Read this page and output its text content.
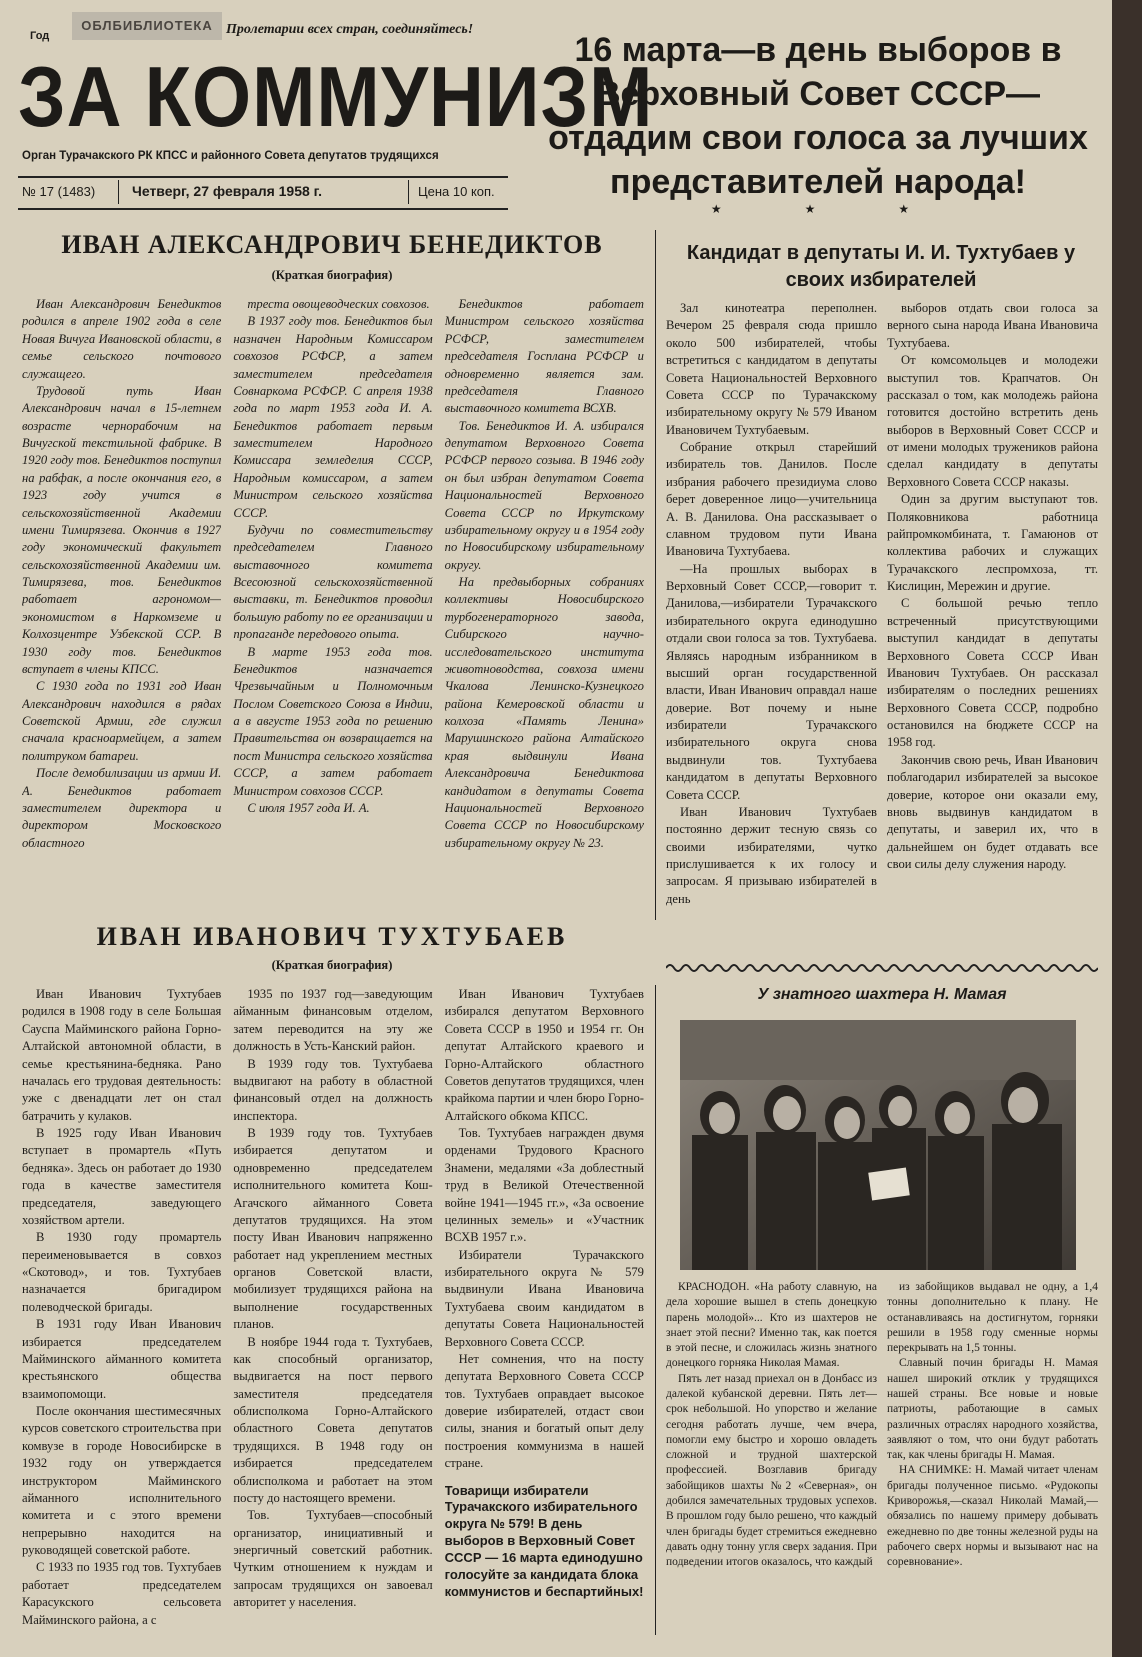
Год
ОБЛБИБЛИОТЕКА Пролетарии всех стран, соединяйтесь!
ЗА КОММУНИЗМ
Орган Турачакского РК КПСС и районного Совета депутатов трудящихся
№ 17 (1483)	Четверг, 27 февраля 1958 г.	Цена 10 коп.
16 марта—в день выборов в Верховный Совет СССР—отдадим свои голоса за лучших представителей народа!
★ ★ ★
ИВАН АЛЕКСАНДРОВИЧ БЕНЕДИКТОВ
(Краткая биография)

Иван Александрович Бенедиктов родился в апреле 1902 года в селе Новая Вичуга Ивановской области, в семье сельского почтового служащего.

Трудовой путь Иван Александрович начал в 15-летнем возрасте чернорабочим на Вичугской текстильной фабрике. В 1920 году тов. Бенедиктов поступил на рабфак, а после окончания его, в 1923 году учится в сельскохозяйственной Академии имени Тимирязева. Окончив в 1927 году экономический факультет сельскохозяйственной Академии им. Тимирязева, тов. Бенедиктов работает агрономом—экономистом в Наркомземе и Колхозцентре Узбекской ССР. В 1930 году тов. Бенедиктов вступает в члены КПСС.

С 1930 года по 1931 год Иван Александрович находился в рядах Советской Армии, где служил сначала красноармейцем, а затем политруком батареи.

После демобилизации из армии И. А. Бенедиктов работает заместителем директора и директором Московского областного

треста овощеводческих совхозов.

В 1937 году тов. Бенедиктов был назначен Народным Комиссаром совхозов РСФСР, а затем заместителем председателя Совнаркома РСФСР. С апреля 1938 года по март 1953 года И. А. Бенедиктов работает первым заместителем Народного Комиссара земледелия СССР, Народным комиссаром, а затем Министром сельского хозяйства СССР.

Будучи по совместительству председателем Главного выставочного комитета Всесоюзной сельскохозяйственной выставки, т. Бенедиктов проводил большую работу по ее организации и пропаганде передового опыта.

В марте 1953 года тов. Бенедиктов назначается Чрезвычайным и Полномочным Послом Советского Союза в Индии, а в августе 1953 года по решению Правительства он возвращается на пост Министра сельского хозяйства СССР, а затем работает Министром совхозов СССР.

С июля 1957 года И. А.

Бенедиктов работает Министром сельского хозяйства РСФСР, заместителем председателя Госплана РСФСР и одновременно является зам. председателя Главного выставочного комитета ВСХВ.

Тов. Бенедиктов И. А. избирался депутатом Верховного Совета РСФСР первого созыва. В 1946 году он был избран депутатом Совета Национальностей Верховного Совета СССР по Иркутскому избирательному округу и в 1954 году по Новосибирскому избирательному округу.

На предвыборных собраниях коллективы Новосибирского турбогенераторного завода, Сибирского научно-исследовательского института животноводства, совхоза имени Чкалова Ленинско-Кузнецкого района Кемеровской области и колхоза «Память Ленина» Марушинского района Алтайского края выдвинули Ивана Александровича Бенедиктова кандидатом в депутаты Совета Национальностей Верховного Совета СССР по Новосибирскому избирательному округу № 23.

Кандидат в депутаты И. И. Тухтубаев у своих избирателей

Зал кинотеатра переполнен. Вечером 25 февраля сюда пришло около 500 избирателей, чтобы встретиться с кандидатом в депутаты Совета Национальностей Верховного Совета СССР по Турачакскому избирательному округу № 579 Иваном Ивановичем Тухтубаевым.

Собрание открыл старейший избиратель тов. Данилов. После избрания рабочего президиума слово берет доверенное лицо—учительница А. В. Данилова. Она рассказывает о славном трудовом пути Ивана Ивановича Тухтубаева.

—На прошлых выборах в Верховный Совет СССР,—говорит т. Данилова,—избиратели Турачакского избирательного округа единодушно отдали свои голоса за тов. Тухтубаева. Являясь народным избранником в высший орган государственной власти, Иван Иванович оправдал наше доверие. Вот почему и ныне избиратели Турачакского избирательного округа снова выдвинули тов. Тухтубаева кандидатом в депутаты Верховного Совета СССР.

Иван Иванович Тухтубаев постоянно держит тесную связь со своими избирателями, чутко прислушивается к их голосу и запросам. Я призываю избирателей в день

выборов отдать свои голоса за верного сына народа Ивана Ивановича Тухтубаева.

От комсомольцев и молодежи выступил тов. Крапчатов. Он рассказал о том, как молодежь района готовится достойно встретить день выборов в Верховный Совет СССР и от имени молодых тружеников района сделал кандидату в депутаты Верховного Совета СССР наказы.

Один за другим выступают тов. Поляковникова работница райпромкомбината, т. Гамаюнов от коллектива рабочих и служащих Турачакского леспромхоза, тт. Кислицин, Мережин и другие.

С большой речью тепло встреченный присутствующими выступил кандидат в депутаты Верховного Совета СССР Иван Иванович Тухтубаев. Он рассказал избирателям о последних решениях Верховного Совета СССР, подробно остановился на бюджете СССР на 1958 год.

Закончив свою речь, Иван Иванович поблагодарил избирателей за высокое доверие, которое они оказали ему, вновь выдвинув кандидатом в депутаты, и заверил их, что в дальнейшем он будет отдавать все свои силы делу служения народу.

ИВАН ИВАНОВИЧ ТУХТУБАЕВ
(Краткая биография)

Иван Иванович Тухтубаев родился в 1908 году в селе Большая Сауспа Майминского района Горно-Алтайской автономной области, в семье крестьянина-бедняка. Рано началась его трудовая деятельность: уже с двенадцати лет он стал батрачить у кулаков.

В 1925 году Иван Иванович вступает в промартель «Путь бедняка». Здесь он работает до 1930 года в качестве заместителя председателя, заведующего хозяйством артели.

В 1930 году промартель переименовывается в совхоз «Скотовод», и тов. Тухтубаев назначается бригадиром полеводческой бригады.

В 1931 году Иван Иванович избирается председателем Майминского айманного комитета крестьянского общества взаимопомощи.

После окончания шестимесячных курсов советского строительства при комвузе в городе Новосибирске в 1932 году он утверждается инструктором Майминского айманного исполнительного комитета и с этого времени непрерывно находится на руководящей советской работе.

С 1933 по 1935 год тов. Тухтубаев работает председателем Карасукского сельсовета Майминского района, а с

1935 по 1937 год—заведующим айманным финансовым отделом, затем переводится на эту же должность в Усть-Канский район.

В 1939 году тов. Тухтубаева выдвигают на работу в областной финансовый отдел на должность инспектора.

В 1939 году тов. Тухтубаев избирается депутатом и одновременно председателем исполнительного комитета Кош-Агачского айманного Совета депутатов трудящихся. На этом посту Иван Иванович напряженно работает над укреплением местных органов Советской власти, мобилизует трудящихся района на выполнение государственных планов.

В ноябре 1944 года т. Тухтубаев, как способный организатор, выдвигается на пост первого заместителя председателя облисполкома Горно-Алтайского областного Совета депутатов трудящихся. В 1948 году он избирается председателем облисполкома и работает на этом посту до настоящего времени.

Тов. Тухтубаев—способный организатор, инициативный и энергичный советский работник. Чутким отношением к нуждам и запросам трудящихся он завоевал авторитет у населения.

Иван Иванович Тухтубаев избирался депутатом Верховного Совета СССР в 1950 и 1954 гг. Он депутат Алтайского краевого и Горно-Алтайского областного Советов депутатов трудящихся, член крайкома партии и член бюро Горно-Алтайского обкома КПСС.

Тов. Тухтубаев награжден двумя орденами Трудового Красного Знамени, медалями «За доблестный труд в Великой Отечественной войне 1941—1945 гг.», «За освоение целинных земель» и «Участник ВСХВ 1957 г.».

Избиратели Турачакского избирательного округа № 579 выдвинули Ивана Ивановича Тухтубаева своим кандидатом в депутаты Совета Национальностей Верховного Совета СССР.

Нет сомнения, что на посту депутата Верховного Совета СССР тов. Тухтубаев оправдает высокое доверие избирателей, отдаст свои силы, знания и богатый опыт делу построения коммунизма в нашей стране.

Товарищи избиратели Турачакского избирательного округа № 579! В день выборов в Верховный Совет СССР — 16 марта единодушно голосуйте за кандидата блока коммунистов и беспартийных!
У знатного шахтера Н. Мамая

КРАСНОДОН. «На работу славную, на дела хорошие вышел в степь донецкую парень молодой»... Кто из шахтеров не знает этой песни? Именно так, как поется в этой песне, и сложилась жизнь знатного донецкого горняка Николая Мамая.

Пять лет назад приехал он в Донбасс из далекой кубанской деревни. Пять лет—срок небольшой. Но упорство и желание сегодня работать лучше, чем вчера, помогли ему быстро и хорошо овладеть сложной и трудной шахтерской профессией. Возглавив бригаду забойщиков шахты №2 «Северная», он добился замечательных трудовых успехов. В прошлом году было решено, что каждый член бригады будет стремиться ежедневно давать одну тонну угля сверх задания. При подведении итогов оказалось, что каждый

из забойщиков выдавал не одну, а 1,4 тонны дополнительно к плану. Не останавливаясь на достигнутом, горняки решили в 1958 году сменные нормы перекрывать на 1,5 тонны.

Славный почин бригады Н. Мамая нашел широкий отклик у трудящихся нашей страны. Все новые и новые патриоты, работающие в самых различных отраслях народного хозяйства, заявляют о том, что они будут работать так, как члены бригады Н. Мамая.

НА СНИМКЕ: Н. Мамай читает членам бригады полученное письмо. «Рудокопы Криворожья,—сказал Николай Мамай,—обязались по нашему примеру добывать ежедневно по две тонны железной руды на рабочего сверх нормы и вызывают нас на соревнование».
